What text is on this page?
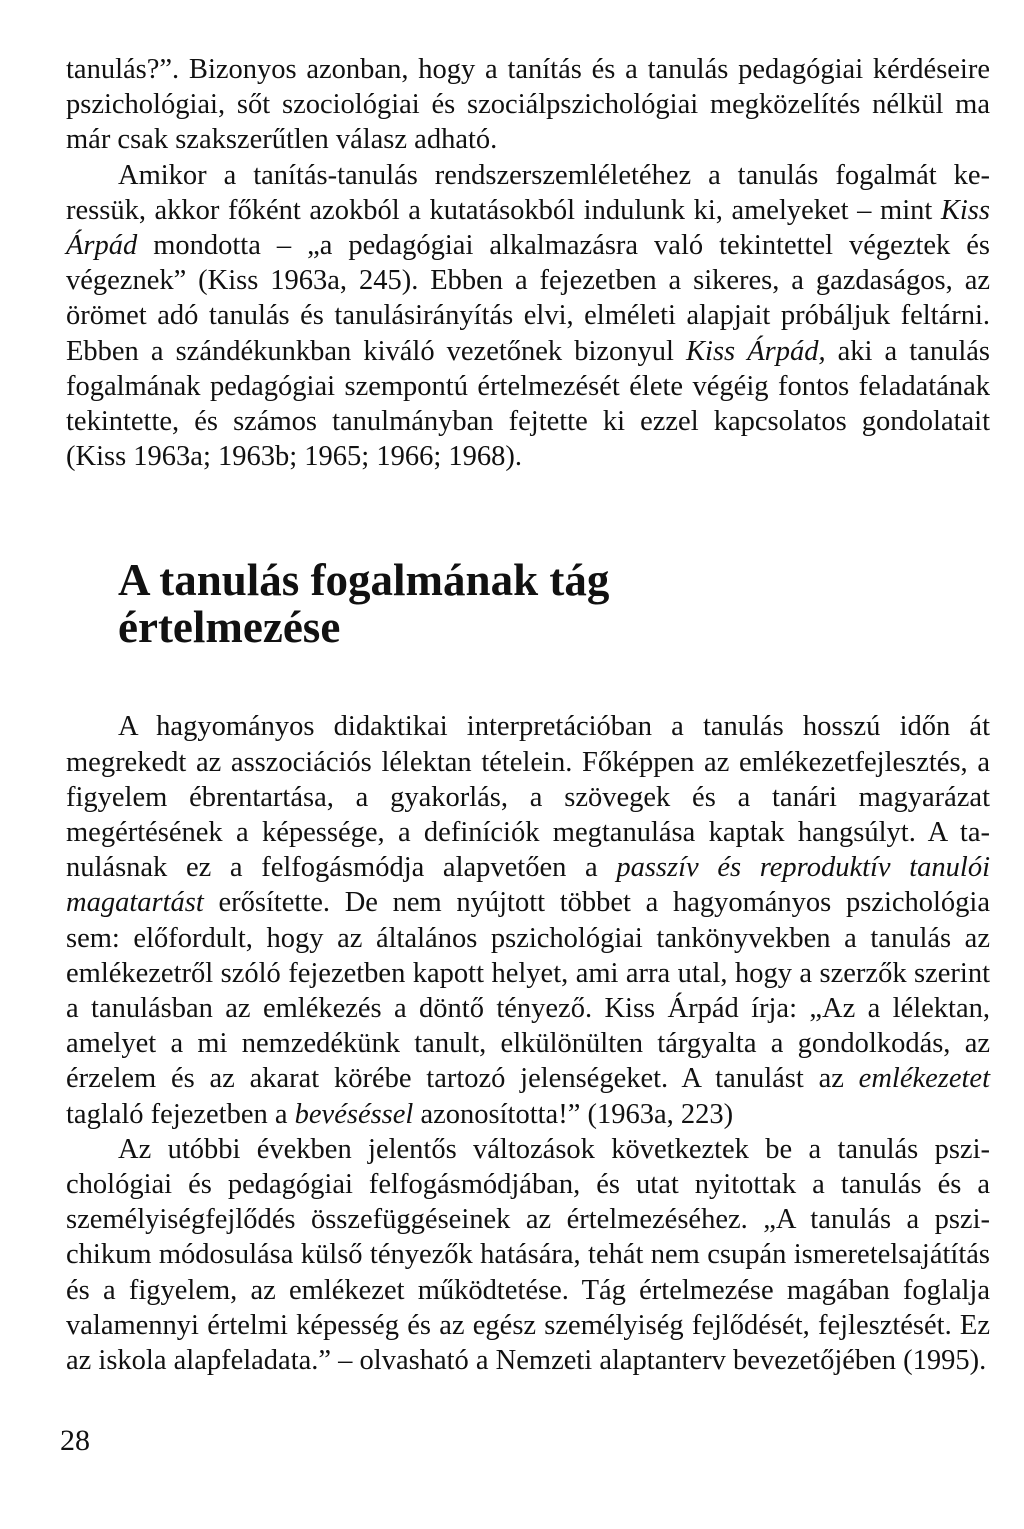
tanulás?”. Bizonyos azonban, hogy a tanítás és a tanulás pedagógiai kérdéseire pszichológiai, sőt szociológiai és szociálpszichológiai megközelítés nélkül ma már csak szakszerűtlen válasz adható.

Amikor a tanítás-tanulás rendszerszemléletéhez a tanulás fogalmát keressük, akkor főként azokból a kutatásokból indulunk ki, amelyeket – mint Kiss Árpád mondotta – „a pedagógiai alkalmazásra való tekintettel végeztek és végeznek” (Kiss 1963a, 245). Ebben a fejezetben a sikeres, a gazdaságos, az örömet adó tanulás és tanulásirányítás elvi, elméleti alapjait próbáljuk feltárni. Ebben a szándékunkban kiváló vezetőnek bizonyul Kiss Árpád, aki a tanulás fogalmának pedagógiai szempontú értelmezését élete végéig fontos feladatának tekintette, és számos tanulmányban fejtette ki ezzel kapcsolatos gondolatait (Kiss 1963a; 1963b; 1965; 1966; 1968).

A tanulás fogalmának tág
értelmezése

A hagyományos didaktikai interpretációban a tanulás hosszú időn át megrekedt az asszociációs lélektan tételein. Főképpen az emlékezetfejlesztés, a figyelem ébrentartása, a gyakorlás, a szövegek és a tanári magyarázat megértésének a képessége, a definíciók megtanulása kaptak hangsúlyt. A tanulásnak ez a felfogásmódja alapvetően a passzív és reproduktív tanulói magatartást erősítette. De nem nyújtott többet a hagyományos pszichológia sem: előfordult, hogy az általános pszichológiai tankönyvekben a tanulás az emlékezetről szóló fejezetben kapott helyet, ami arra utal, hogy a szerzők szerint a tanulásban az emlékezés a döntő tényező. Kiss Árpád írja: „Az a lélektan, amelyet a mi nemzedékünk tanult, elkülönülten tárgyalta a gondolkodás, az érzelem és az akarat körébe tartozó jelenségeket. A tanulást az emlékezetet taglaló fejezetben a bevéséssel azonosította!” (1963a, 223)

Az utóbbi években jelentős változások következtek be a tanulás pszichológiai és pedagógiai felfogásmódjában, és utat nyitottak a tanulás és a személyiségfejlődés összefüggéseinek az értelmezéséhez. „A tanulás a pszichikum módosulása külső tényezők hatására, tehát nem csupán ismeretelsajátítás és a figyelem, az emlékezet működtetése. Tág értelmezése magában foglalja valamennyi értelmi képesség és az egész személyiség fejlődését, fejlesztését. Ez az iskola alapfeladata.” – olvasható a Nemzeti alaptanterv bevezetőjében (1995).

28
